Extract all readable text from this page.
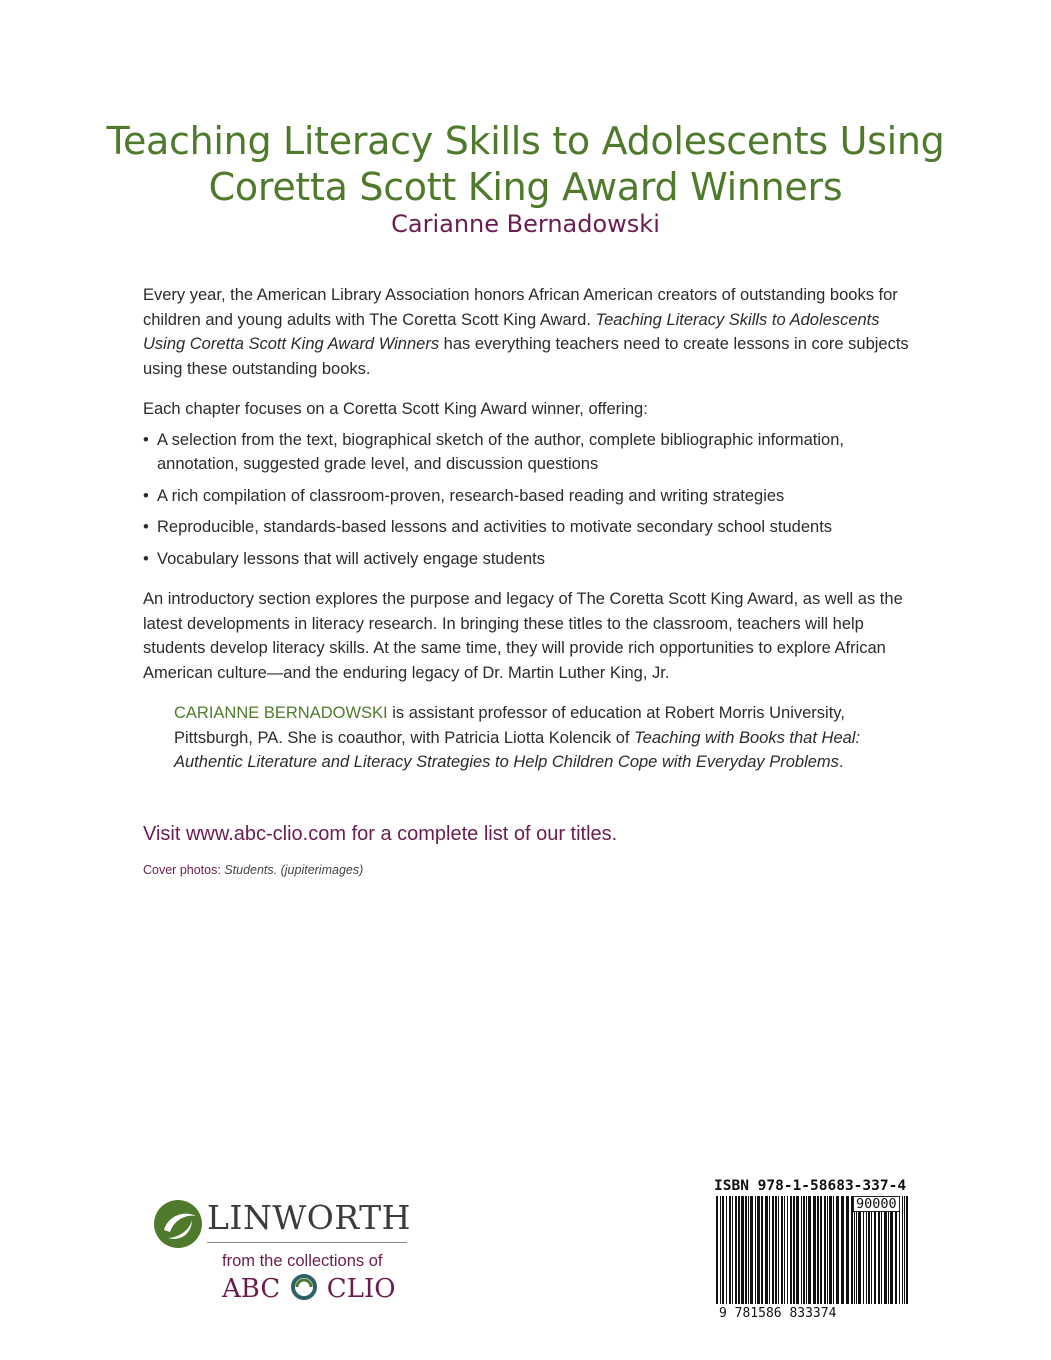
Teaching Literacy Skills to Adolescents Using
Coretta Scott King Award Winners
Carianne Bernadowski

Every year, the American Library Association honors African American creators of outstanding books for children and young adults with The Coretta Scott King Award. Teaching Literacy Skills to Adolescents Using Coretta Scott King Award Winners has everything teachers need to create lessons in core subjects using these outstanding books.

Each chapter focuses on a Coretta Scott King Award winner, offering:

• A selection from the text, biographical sketch of the author, complete bibliographic information, annotation, suggested grade level, and discussion questions
• A rich compilation of classroom-proven, research-based reading and writing strategies
• Reproducible, standards-based lessons and activities to motivate secondary school students
• Vocabulary lessons that will actively engage students

An introductory section explores the purpose and legacy of The Coretta Scott King Award, as well as the latest developments in literacy research. In bringing these titles to the classroom, teachers will help students develop literacy skills. At the same time, they will provide rich opportunities to explore African American culture—and the enduring legacy of Dr. Martin Luther King, Jr.

CARIANNE BERNADOWSKI is assistant professor of education at Robert Morris University, Pittsburgh, PA. She is coauthor, with Patricia Liotta Kolencik of Teaching with Books that Heal: Authentic Literature and Literacy Strategies to Help Children Cope with Everyday Problems.

Visit www.abc-clio.com for a complete list of our titles.
Cover photos: Students. (jupiterimages)
LINWORTH
from the collections of
ABC CLIO
ISBN 978-1-58683-337-4
90000
9 781586 833374
